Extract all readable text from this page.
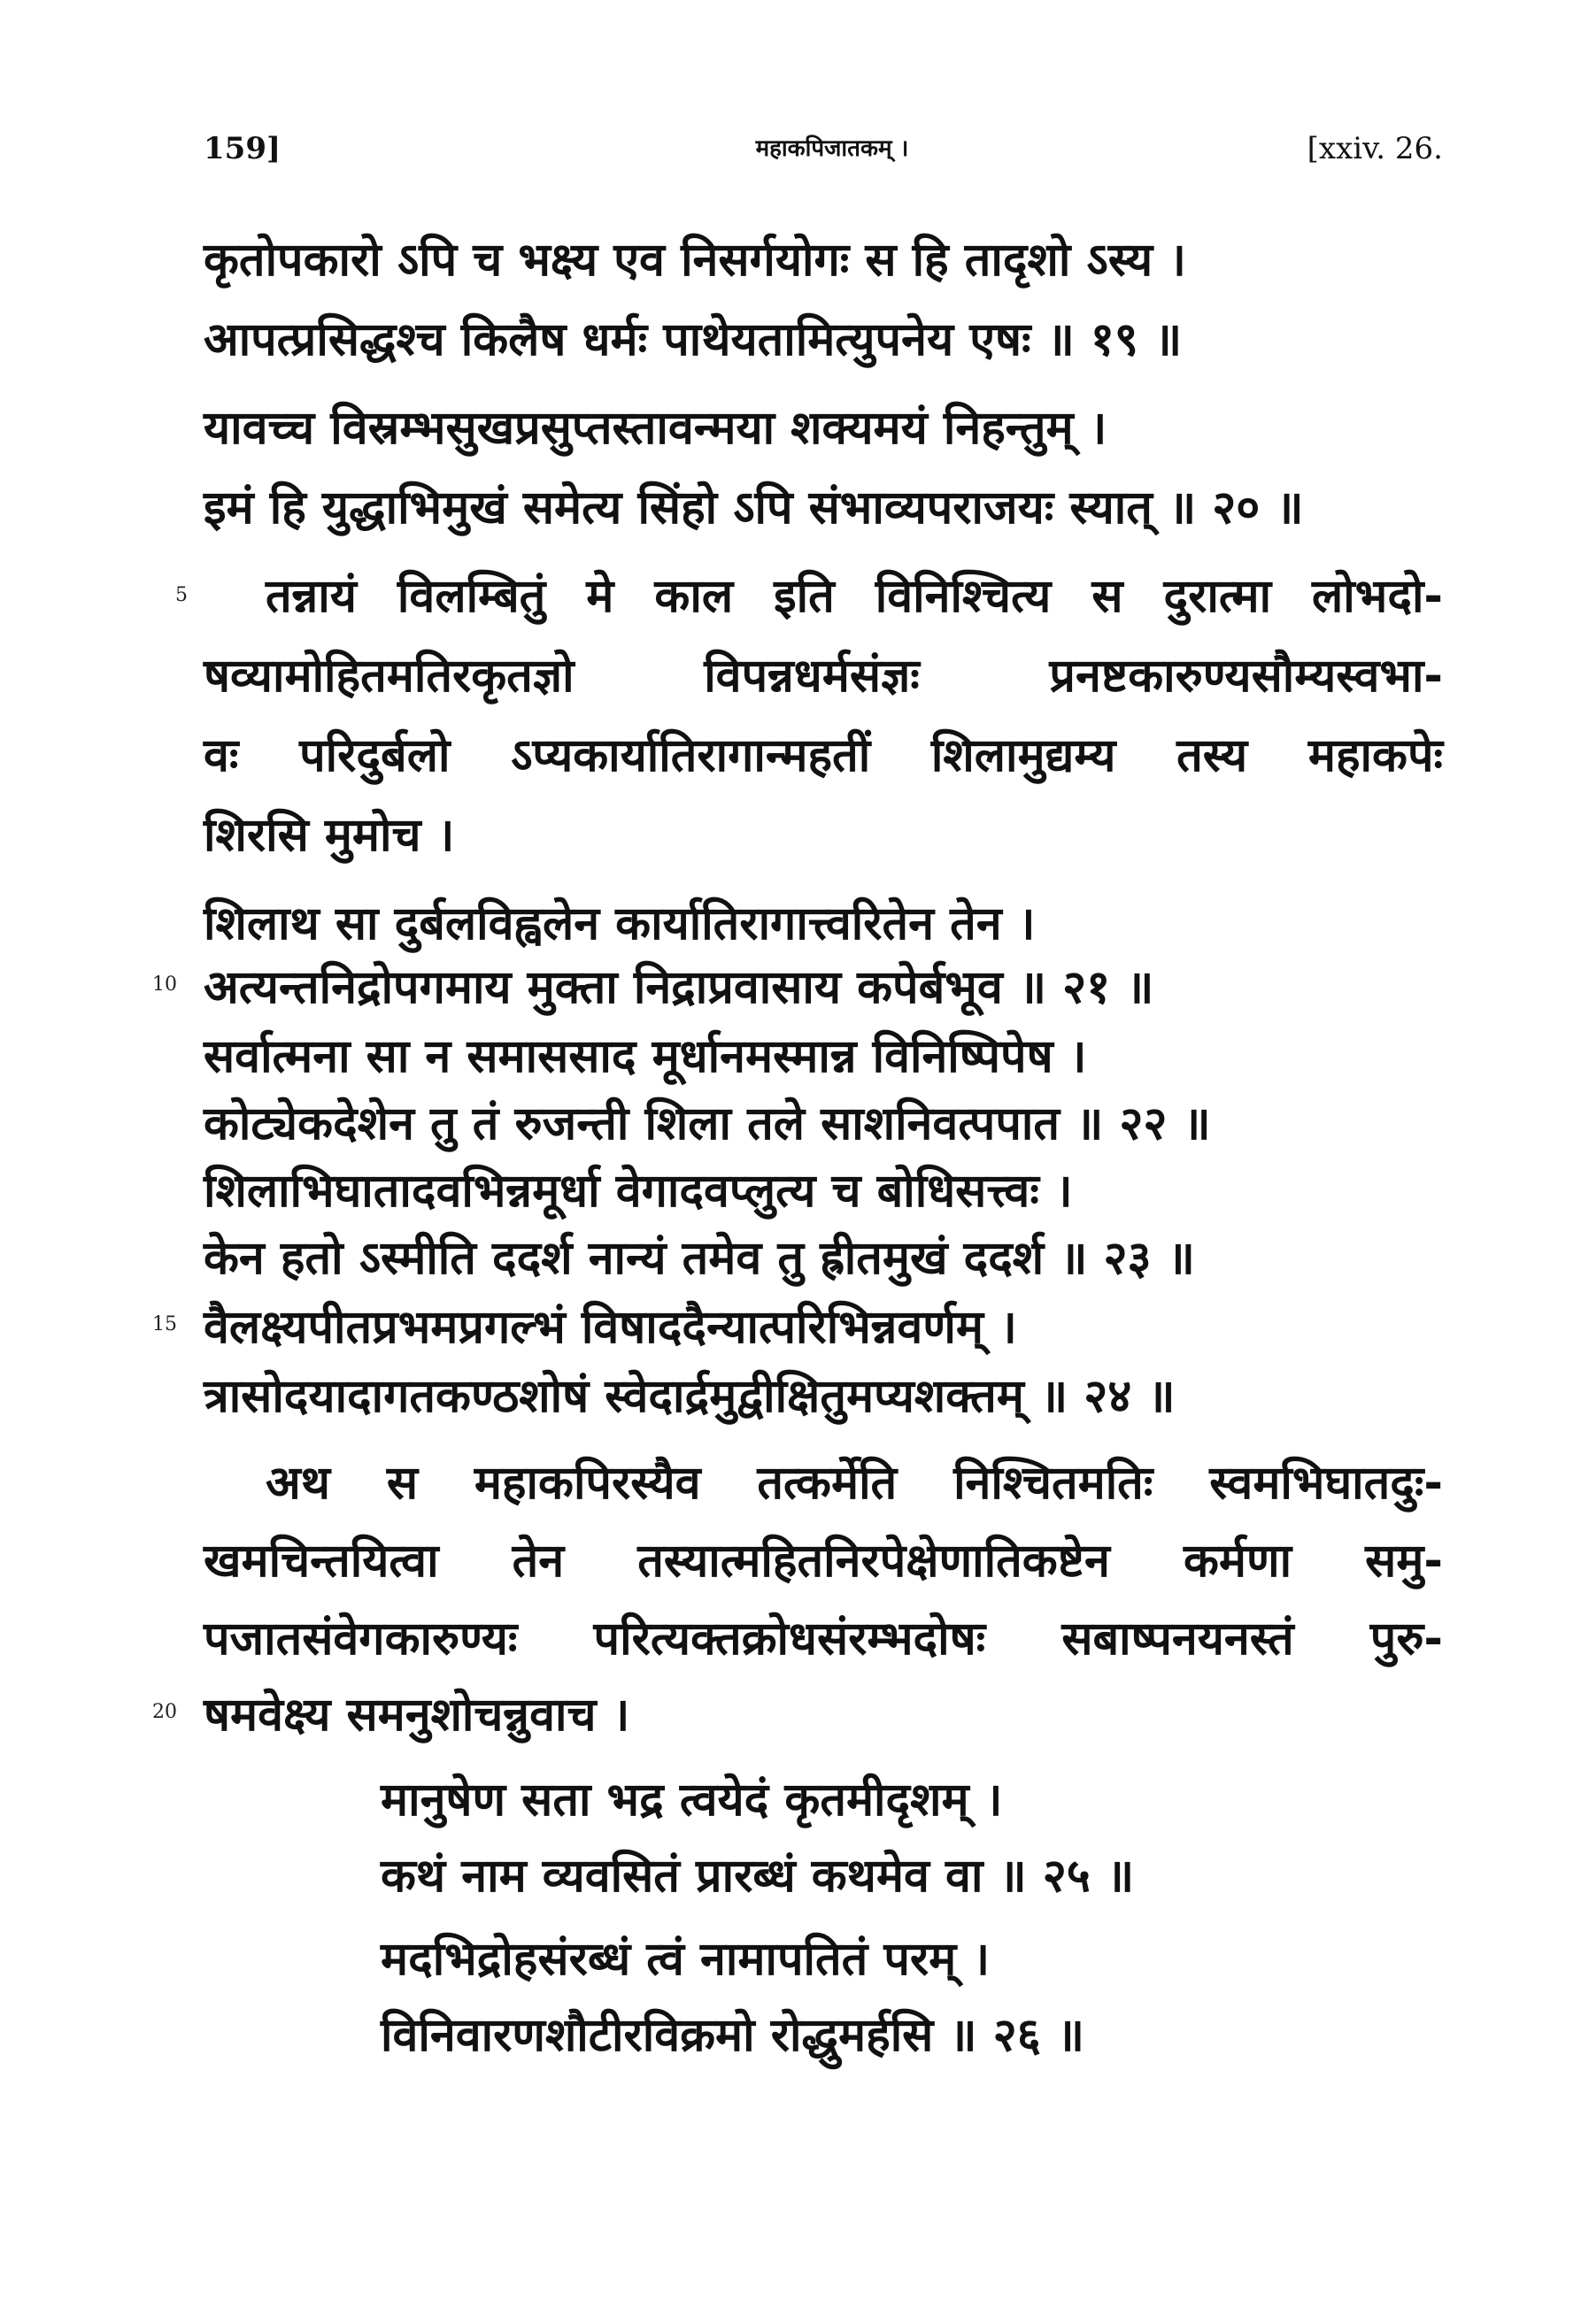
159]	महाकपिजातकम् ।	[xxiv. 26.
कृतोपकारो ऽपि च भक्ष्य एव निसर्गयोगः स हि तादृशो ऽस्य ।
आपत्प्रसिद्धश्च किलैष धर्मः पाथेयतामित्युपनेय एषः ॥ १९ ॥
यावच्च विस्रम्भसुखप्रसुप्तस्तावन्मया शक्यमयं निहन्तुम् ।
इमं हि युद्धाभिमुखं समेत्य सिंहो ऽपि संभाव्यपराजयः स्यात् ॥ २० ॥
5 तन्नायं विलम्बितुं मे काल इति विनिश्चित्य स दुरात्मा लोभदो-
षव्यामोहितमतिरकृतज्ञो विपन्नधर्मसंज्ञः प्रनष्टकारुण्यसौम्यस्वभा-
वः परिदुर्बलो ऽप्यकार्यातिरागान्महतीं शिलामुद्यम्य तस्य महाकपेः
शिरसि मुमोच ।
शिलाथ सा दुर्बलविह्वलेन कार्यातिरागात्त्वरितेन तेन ।
10 अत्यन्तनिद्रोपगमाय मुक्ता निद्राप्रवासाय कपेर्बभूव ॥ २१ ॥
सर्वात्मना सा न समाससाद मूर्धानमस्मान्न विनिष्पिपेष ।
कोट्येकदेशेन तु तं रुजन्ती शिला तले साशनिवत्पपात ॥ २२ ॥
शिलाभिघातादवभिन्नमूर्धा वेगादवप्लुत्य च बोधिसत्त्वः ।
केन हतो ऽस्मीति ददर्श नान्यं तमेव तु ह्रीतमुखं ददर्श ॥ २३ ॥
15 वैलक्ष्यपीतप्रभमप्रगल्भं विषाददैन्यात्परिभिन्नवर्णम् ।
त्रासोदयादागतकण्ठशोषं स्वेदार्द्रमुद्वीक्षितुमप्यशक्तम् ॥ २४ ॥
अथ स महाकपिरस्यैव तत्कर्मेति निश्चितमतिः स्वमभिघातदुः-
खमचिन्तयित्वा तेन तस्यात्महितनिरपेक्षेणातिकष्टेन कर्मणा समु-
पजातसंवेगकारुण्यः परित्यक्तक्रोधसंरम्भदोषः सबाष्पनयनस्तं पुरु-
20 षमवेक्ष्य समनुशोचन्नुवाच ।
मानुषेण सता भद्र त्वयेदं कृतमीदृशम् ।
कथं नाम व्यवसितं प्रारब्धं कथमेव वा ॥ २५ ॥
मदभिद्रोहसंरब्धं त्वं नामापतितं परम् ।
विनिवारणशौटीरविक्रमो रोद्धुमर्हसि ॥ २६ ॥
